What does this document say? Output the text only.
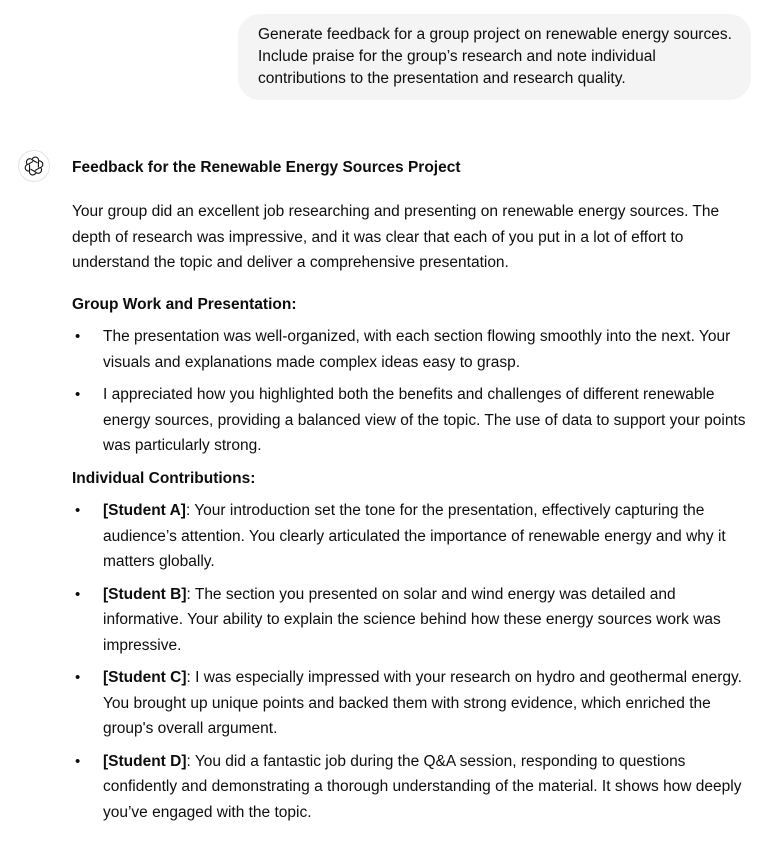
Generate feedback for a group project on renewable energy sources. Include praise for the group’s research and note individual contributions to the presentation and research quality.
Feedback for the Renewable Energy Sources Project
Your group did an excellent job researching and presenting on renewable energy sources. The depth of research was impressive, and it was clear that each of you put in a lot of effort to understand the topic and deliver a comprehensive presentation.
Group Work and Presentation:
• The presentation was well-organized, with each section flowing smoothly into the next. Your visuals and explanations made complex ideas easy to grasp.
• I appreciated how you highlighted both the benefits and challenges of different renewable energy sources, providing a balanced view of the topic. The use of data to support your points was particularly strong.
Individual Contributions:
• [Student A]: Your introduction set the tone for the presentation, effectively capturing the audience’s attention. You clearly articulated the importance of renewable energy and why it matters globally.
• [Student B]: The section you presented on solar and wind energy was detailed and informative. Your ability to explain the science behind how these energy sources work was impressive.
• [Student C]: I was especially impressed with your research on hydro and geothermal energy. You brought up unique points and backed them with strong evidence, which enriched the group's overall argument.
• [Student D]: You did a fantastic job during the Q&A session, responding to questions confidently and demonstrating a thorough understanding of the material. It shows how deeply you’ve engaged with the topic.
